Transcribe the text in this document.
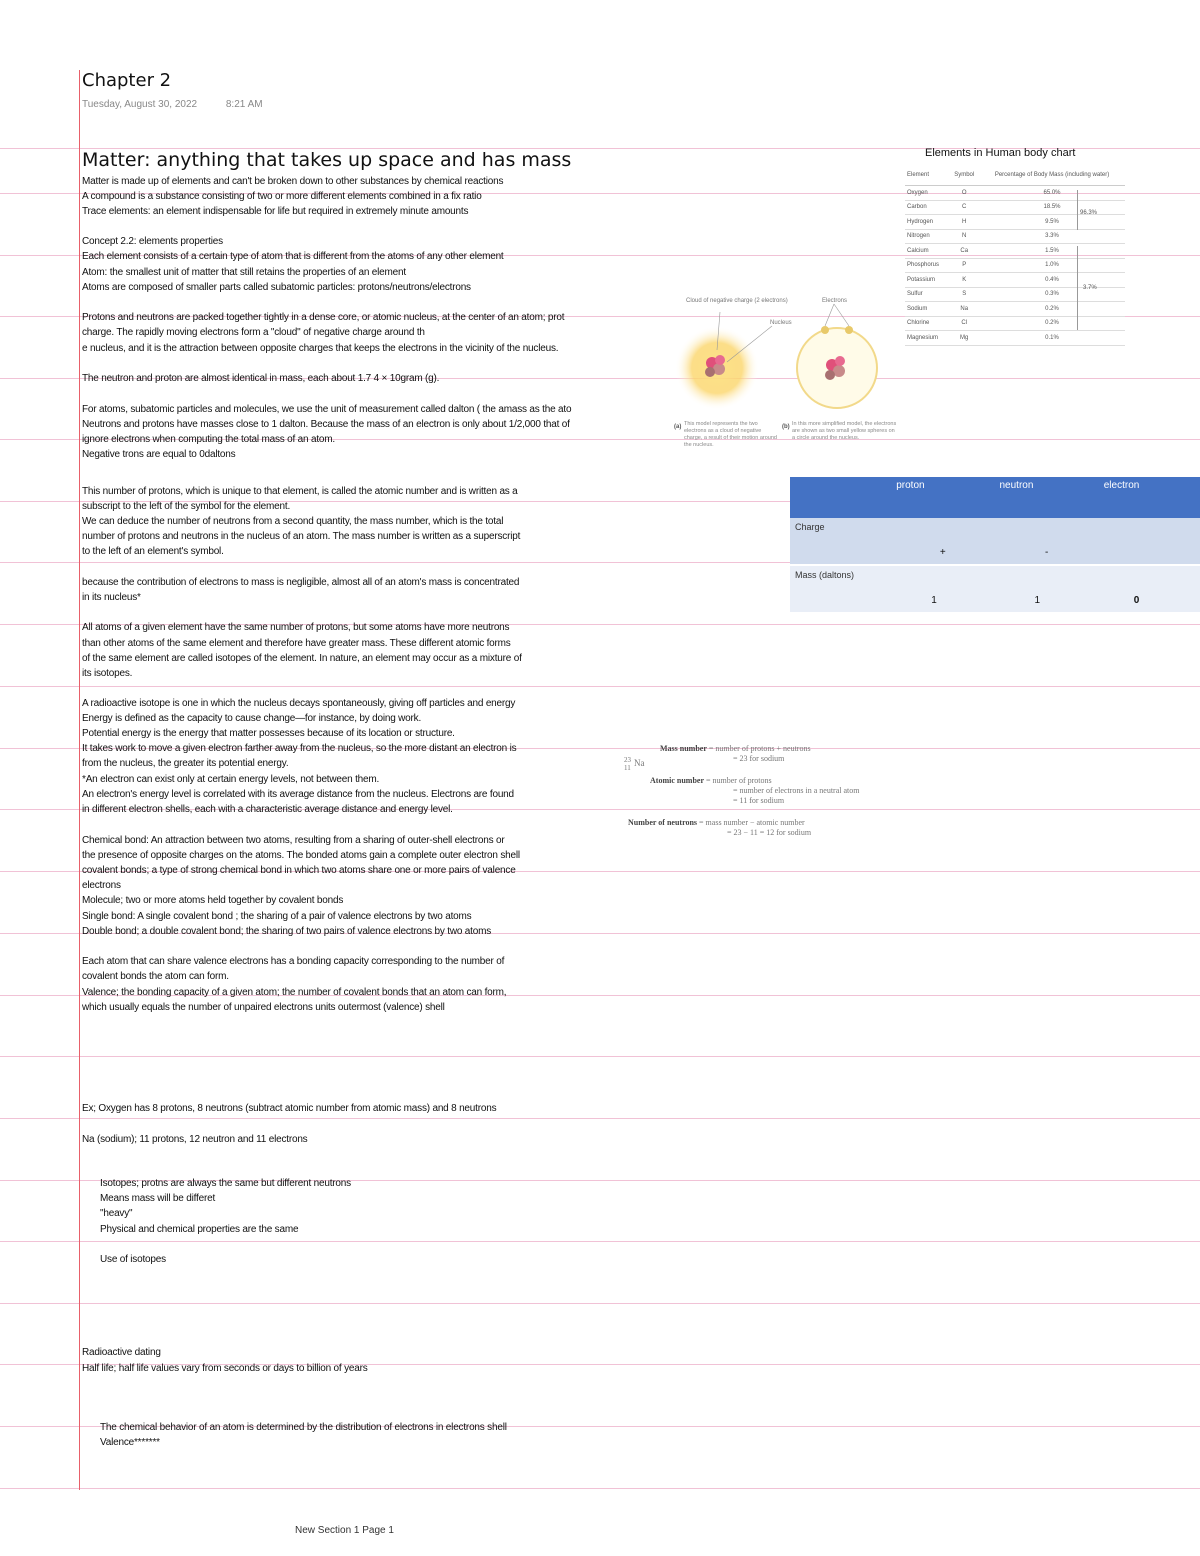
Chapter 2
Tuesday, August 30, 2022	8:21 AM
Matter: anything that takes up space and has mass
Matter is made up of elements and can't be broken down to other substances by chemical reactions
A compound is a substance consisting of two or more different elements combined in a fix ratio
Trace elements: an element indispensable for life but required in extremely minute amounts
Concept 2.2: elements properties
Each element consists of a certain type of atom that is different from the atoms of any other element
Atom: the smallest unit of matter that still retains the properties of an element
Atoms are composed of smaller parts called subatomic particles: protons/neutrons/electrons
Protons and neutrons are packed together tightly in a dense core, or atomic nucleus, at the center of an atom; prot
charge. The rapidly moving electrons form a "cloud" of negative charge around th
e nucleus, and it is the attraction between opposite charges that keeps the electrons in the vicinity of the nucleus.
The neutron and proton are almost identical in mass, each about 1.7 4 × 10gram (g).
For atoms, subatomic particles and molecules, we use the unit of measurement called dalton ( the amass as the ato
Neutrons and protons have masses close to 1 dalton. Because the mass of an electron is only about 1/2,000 that of
ignore electrons when computing the total mass of an atom.
Negative trons are equal to 0daltons
This number of protons, which is unique to that element, is called the atomic number and is written as a
subscript to the left of the symbol for the element.
We can deduce the number of neutrons from a second quantity, the mass number, which is the total
number of protons and neutrons in the nucleus of an atom. The mass number is written as a superscript
to the left of an element's symbol.
because the contribution of electrons to mass is negligible, almost all of an atom's mass is concentrated
in its nucleus*
All atoms of a given element have the same number of protons, but some atoms have more neutrons
than other atoms of the same element and therefore have greater mass. These different atomic forms
of the same element are called isotopes of the element. In nature, an element may occur as a mixture of
its isotopes.
A radioactive isotope is one in which the nucleus decays spontaneously, giving off particles and energy
Energy is defined as the capacity to cause change—for instance, by doing work.
Potential energy is the energy that matter possesses because of its location or structure.
It takes work to move a given electron farther away from the nucleus, so the more distant an electron is
from the nucleus, the greater its potential energy.
*An electron can exist only at certain energy levels, not between them.
An electron's energy level is correlated with its average distance from the nucleus. Electrons are found
in different electron shells, each with a characteristic average distance and energy level.
Chemical bond: An attraction between two atoms, resulting from a sharing of outer-shell electrons or
the presence of opposite charges on the atoms. The bonded atoms gain a complete outer electron shell
covalent bonds; a type of strong chemical bond in which two atoms share one or more pairs of valence
electrons
Molecule; two or more atoms held together by covalent bonds
Single bond: A single covalent bond ; the sharing of a pair of valence electrons by two atoms
Double bond; a double covalent bond; the sharing of two pairs of valence electrons by two atoms
Each atom that can share valence electrons has a bonding capacity corresponding to the number of
covalent bonds the atom can form.
Valence; the bonding capacity of a given atom; the number of covalent bonds that an atom can form,
which usually equals the number of unpaired electrons units outermost (valence) shell
Ex; Oxygen has 8 protons, 8 neutrons (subtract atomic number from atomic mass) and 8 neutrons
Na (sodium); 11 protons, 12 neutron and 11 electrons
Isotopes; protns are always the same but different neutrons
Means mass will be differet
"heavy"
Physical and chemical properties are the same
Use of isotopes
Radioactive dating
Half life; half life values vary from seconds or days to billion of years
The chemical behavior of an atom is determined by the distribution of electrons in electrons shell
Valence*******
Elements in Human body chart
Element	Symbol	Percentage of Body Mass (including water)
Oxygen	O	65.0%
Carbon	C	18.5%
Hydrogen	H	9.5%
Nitrogen	N	3.3%
Calcium	Ca	1.5%
Phosphorus	P	1.0%
Potassium	K	0.4%
Sulfur	S	0.3%
Sodium	Na	0.2%
Chlorine	Cl	0.2%
Magnesium	Mg	0.1%
96.3%
3.7%
Cloud of negative charge (2 electrons)	Electrons
Nucleus
(a) This model represents the two electrons as a cloud of negative charge, a result of their motion around the nucleus.
(b) In this more simplified model, the electrons are shown as two small yellow spheres on a circle around the nucleus.
	proton	neutron	electron
Charge	+	-	
Mass (daltons)	1	1	0
23
11 Na
Mass number = number of protons + neutrons
= 23 for sodium
Atomic number = number of protons
= number of electrons in a neutral atom
= 11 for sodium
Number of neutrons = mass number − atomic number
= 23 − 11 = 12 for sodium
New Section 1 Page 1
